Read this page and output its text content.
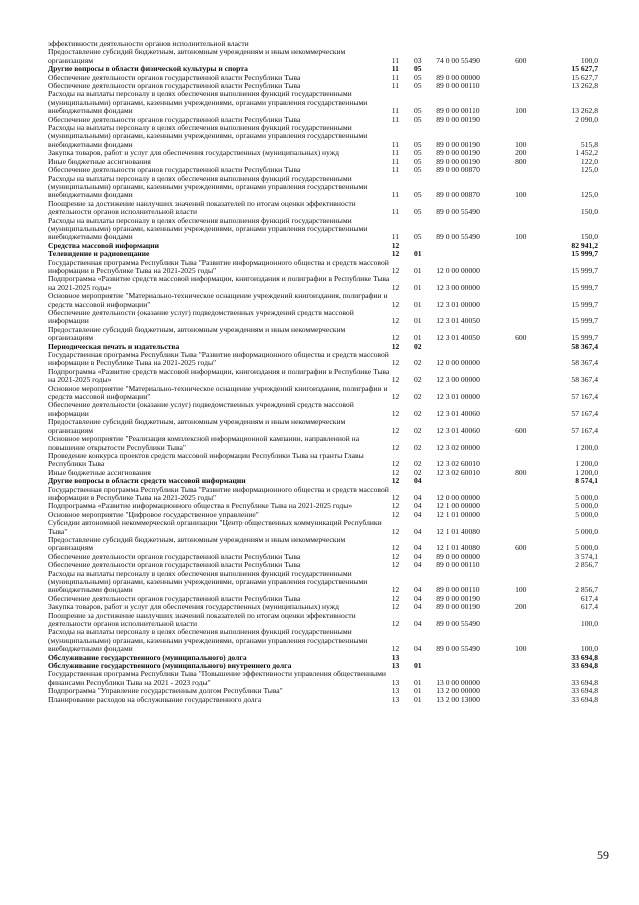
эффективности деятельности органов исполнительной власти					
Предоставление субсидий бюджетным, автономным учреждениям и иным некоммерческим организациям	11	03	74 0 00 55490	600	100,0
Другие вопросы в области физической культуры и спорта	11	05			15 627,7
Обеспечение деятельности органов государственной власти Республики Тыва	11	05	89 0 00 00000		15 627,7
Обеспечение деятельности органов государственной власти Республики Тыва	11	05	89 0 00 00110		13 262,8
Расходы на выплаты персоналу в целях обеспечения выполнения функций государственными (муниципальными) органами, казенными учреждениями, органами управления государственными внебюджетными фондами	11	05	89 0 00 00110	100	13 262,8
Обеспечение деятельности органов государственной власти Республики Тыва	11	05	89 0 00 00190		2 090,0
Расходы на выплаты персоналу в целях обеспечения выполнения функций государственными (муниципальными) органами, казенными учреждениями, органами управления государственными внебюджетными фондами	11	05	89 0 00 00190	100	515,8
Закупка товаров, работ и услуг для обеспечения государственных (муниципальных) нужд	11	05	89 0 00 00190	200	1 452,2
Иные бюджетные ассигнования	11	05	89 0 00 00190	800	122,0
Обеспечение деятельности органов государственной власти Республики Тыва	11	05	89 0 00 00870		125,0
Расходы на выплаты персоналу в целях обеспечения выполнения функций государственными (муниципальными) органами, казенными учреждениями, органами управления государственными внебюджетными фондами	11	05	89 0 00 00870	100	125,0
Поощрение за достижение наилучших значений показателей по итогам оценки эффективности деятельности органов исполнительной власти	11	05	89 0 00 55490		150,0
Расходы на выплаты персоналу в целях обеспечения выполнения функций государственными (муниципальными) органами, казенными учреждениями, органами управления государственными внебюджетными фондами	11	05	89 0 00 55490	100	150,0
Средства массовой информации	12				82 941,2
Телевидение и радиовещание	12	01			15 999,7
Государственная программа Республики Тыва "Развитие информационного общества и средств массовой информации в Республике Тыва на 2021-2025 годы"	12	01	12 0 00 00000		15 999,7
Подпрограмма «Развитие средств массовой информации, книгоиздания и полиграфии в Республике Тыва на 2021-2025 годы»	12	01	12 3 00 00000		15 999,7
Основное мероприятие "Материально-техническое оснащение учреждений книгоиздания, полиграфии и средств массовой информации"	12	01	12 3 01 00000		15 999,7
Обеспечение деятельности (оказание услуг) подведомственных учреждений средств массовой информации	12	01	12 3 01 40050		15 999,7
Предоставление субсидий бюджетным, автономным учреждениям и иным некоммерческим организациям	12	01	12 3 01 40050	600	15 999,7
Периодическая печать и издательства	12	02			58 367,4
Государственная программа Республики Тыва "Развитие информационного общества и средств массовой информации в Республике Тыва на 2021-2025 годы"	12	02	12 0 00 00000		58 367,4
Подпрограмма «Развитие средств массовой информации, книгоиздания и полиграфии в Республике Тыва на 2021-2025 годы»	12	02	12 3 00 00000		58 367,4
Основное мероприятие "Материально-техническое оснащение учреждений книгоиздания, полиграфии и средств массовой информации"	12	02	12 3 01 00000		57 167,4
Обеспечение деятельности (оказание услуг) подведомственных учреждений средств массовой информации	12	02	12 3 01 40060		57 167,4
Предоставление субсидий бюджетным, автономным учреждениям и иным некоммерческим организациям	12	02	12 3 01 40060	600	57 167,4
Основное мероприятие "Реализация комплексной информационной кампании, направленной на повышение открытости Республики Тыва"	12	02	12 3 02 00000		1 200,0
Проведение конкурса проектов средств массовой информации Республики Тыва на гранты Главы Республики Тыва	12	02	12 3 02 60010		1 200,0
Иные бюджетные ассигнования	12	02	12 3 02 60010	800	1 200,0
Другие вопросы в области средств массовой информации	12	04			8 574,1
Государственная программа Республики Тыва "Развитие информационного общества и средств массовой информации в Республике Тыва на 2021-2025 годы"	12	04	12 0 00 00000		5 000,0
Подпрограмма «Развитие информационного общества в Республике Тыва на 2021-2025 годы»	12	04	12 1 00 00000		5 000,0
Основное мероприятие "Цифровое государственное управление"	12	04	12 1 01 00000		5 000,0
Субсидии автономной некоммерческой организации "Центр общественных коммуникаций Республики Тыва"	12	04	12 1 01 40080		5 000,0
Предоставление субсидий бюджетным, автономным учреждениям и иным некоммерческим организациям	12	04	12 1 01 40080	600	5 000,0
Обеспечение деятельности органов государственной власти Республики Тыва	12	04	89 0 00 00000		3 574,1
Обеспечение деятельности органов государственной власти Республики Тыва	12	04	89 0 00 00110		2 856,7
Расходы на выплаты персоналу в целях обеспечения выполнения функций государственными (муниципальными) органами, казенными учреждениями, органами управления государственными внебюджетными фондами	12	04	89 0 00 00110	100	2 856,7
Обеспечение деятельности органов государственной власти Республики Тыва	12	04	89 0 00 00190		617,4
Закупка товаров, работ и услуг для обеспечения государственных (муниципальных) нужд	12	04	89 0 00 00190	200	617,4
Поощрение за достижение наилучших значений показателей по итогам оценки эффективности деятельности органов исполнительной власти	12	04	89 0 00 55490		100,0
Расходы на выплаты персоналу в целях обеспечения выполнения функций государственными (муниципальными) органами, казенными учреждениями, органами управления государственными внебюджетными фондами	12	04	89 0 00 55490	100	100,0
Обслуживание государственного (муниципального) долга	13				33 694,8
Обслуживание государственного (муниципального) внутреннего долга	13	01			33 694,8
Государственная программа Республики Тыва "Повышение эффективности управления общественными финансами Республики Тыва на 2021 - 2023 годы"	13	01	13 0 00 00000		33 694,8
Подпрограмма "Управление государственным долгом Республики Тыва"	13	01	13 2 00 00000		33 694,8
Планирование расходов на обслуживание государственного долга	13	01	13 2 00 13000		33 694,8
59
